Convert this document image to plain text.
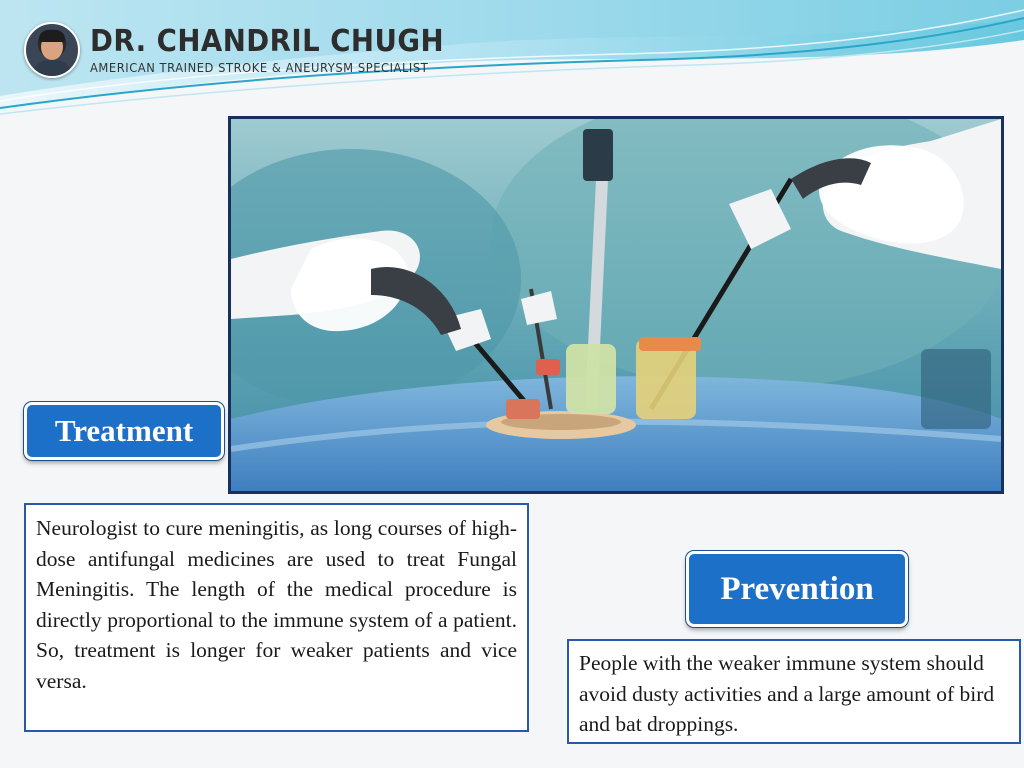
DR. CHANDRIL CHUGH
AMERICAN TRAINED STROKE & ANEURYSM SPECIALIST
Treatment
Neurologist to cure meningitis, as long courses of high-dose antifungal medicines are used to treat Fungal Meningitis. The length of the medical procedure is directly proportional to the immune system of a patient. So, treatment is longer for weaker patients and vice versa.
Prevention
People with the weaker immune system should avoid dusty activities and a large amount of bird and bat droppings.
